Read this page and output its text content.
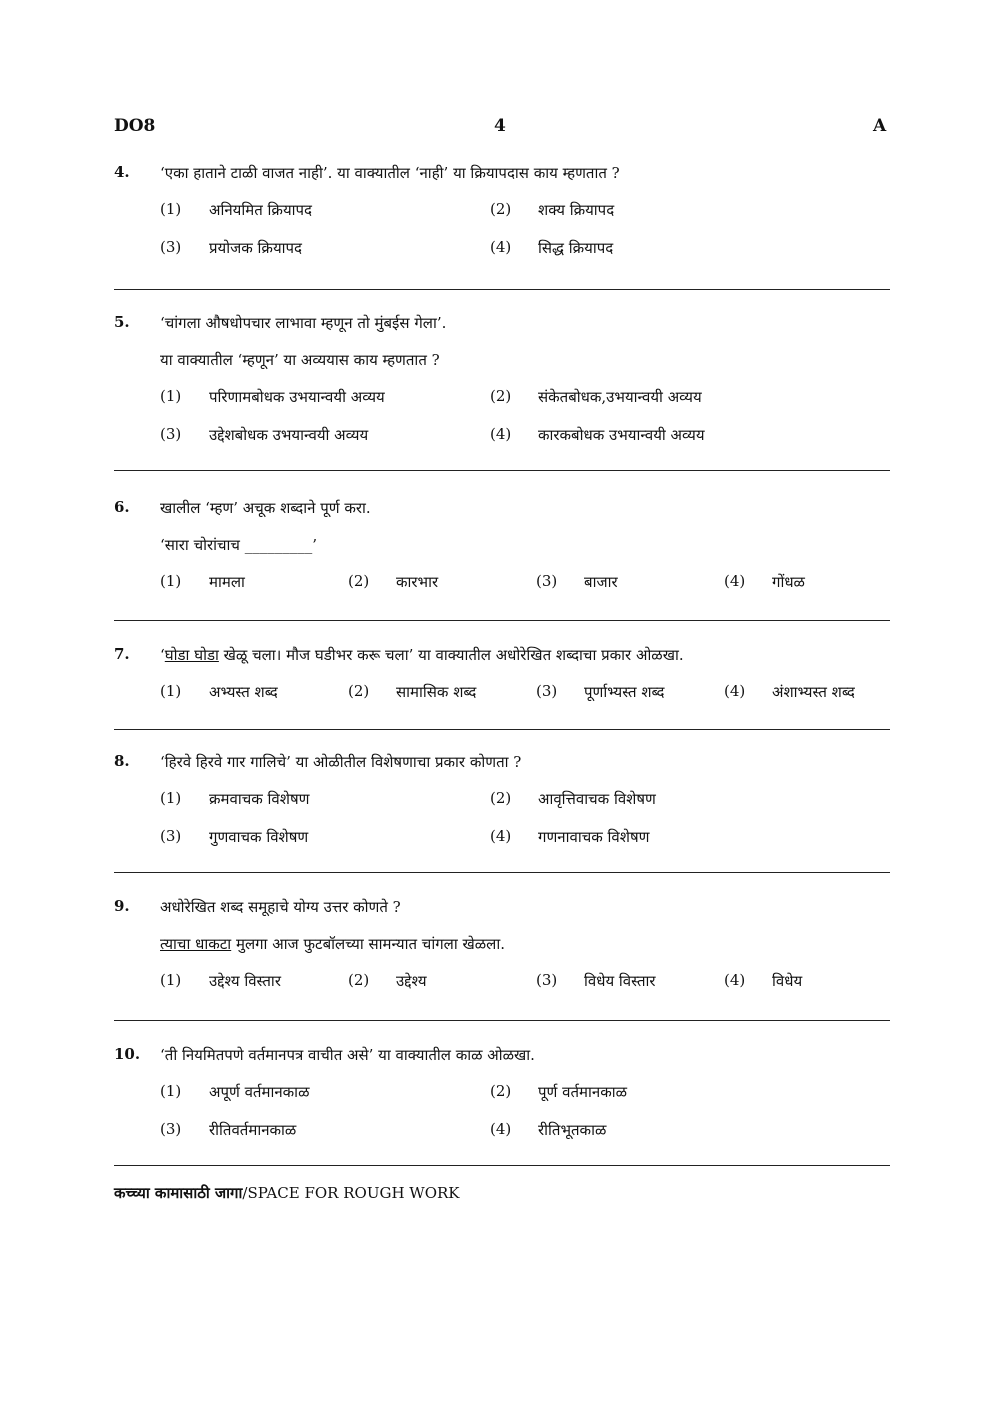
DO8	4	A
4. ‘एका हाताने टाळी वाजत नाही’. या वाक्यातील ‘नाही’ या क्रियापदास काय म्हणतात ?
(1) अनियमित क्रियापद	(2) शक्य क्रियापद
(3) प्रयोजक क्रियापद	(4) सिद्ध क्रियापद
5. ‘चांगला औषधोपचार लाभावा म्हणून तो मुंबईस गेला’.
या वाक्यातील ‘म्हणून’ या अव्ययास काय म्हणतात ?
(1) परिणामबोधक उभयान्वयी अव्यय	(2) संकेतबोधक,उभयान्वयी अव्यय
(3) उद्देशबोधक उभयान्वयी अव्यय	(4) कारकबोधक उभयान्वयी अव्यय
6. खालील ‘म्हण’ अचूक शब्दाने पूर्ण करा.
‘सारा चोरांचाच _________’
(1) मामला	(2) कारभार	(3) बाजार	(4) गोंधळ
7. ‘घोडा घोडा खेळू चला। मौज घडीभर करू चला’ या वाक्यातील अधोरेखित शब्दाचा प्रकार ओळखा.
(1) अभ्यस्त शब्द	(2) सामासिक शब्द	(3) पूर्णाभ्यस्त शब्द	(4) अंशाभ्यस्त शब्द
8. ‘हिरवे हिरवे गार गालिचे’ या ओळीतील विशेषणाचा प्रकार कोणता ?
(1) क्रमवाचक विशेषण	(2) आवृत्तिवाचक विशेषण
(3) गुणवाचक विशेषण	(4) गणनावाचक विशेषण
9. अधोरेखित शब्द समूहाचे योग्य उत्तर कोणते ?
त्याचा धाकटा मुलगा आज फुटबॉलच्या सामन्यात चांगला खेळला.
(1) उद्देश्य विस्तार	(2) उद्देश्य	(3) विधेय विस्तार	(4) विधेय
10. ‘ती नियमितपणे वर्तमानपत्र वाचीत असे’ या वाक्यातील काळ ओळखा.
(1) अपूर्ण वर्तमानकाळ	(2) पूर्ण वर्तमानकाळ
(3) रीतिवर्तमानकाळ	(4) रीतिभूतकाळ
कच्च्या कामासाठी जागा/SPACE FOR ROUGH WORK
